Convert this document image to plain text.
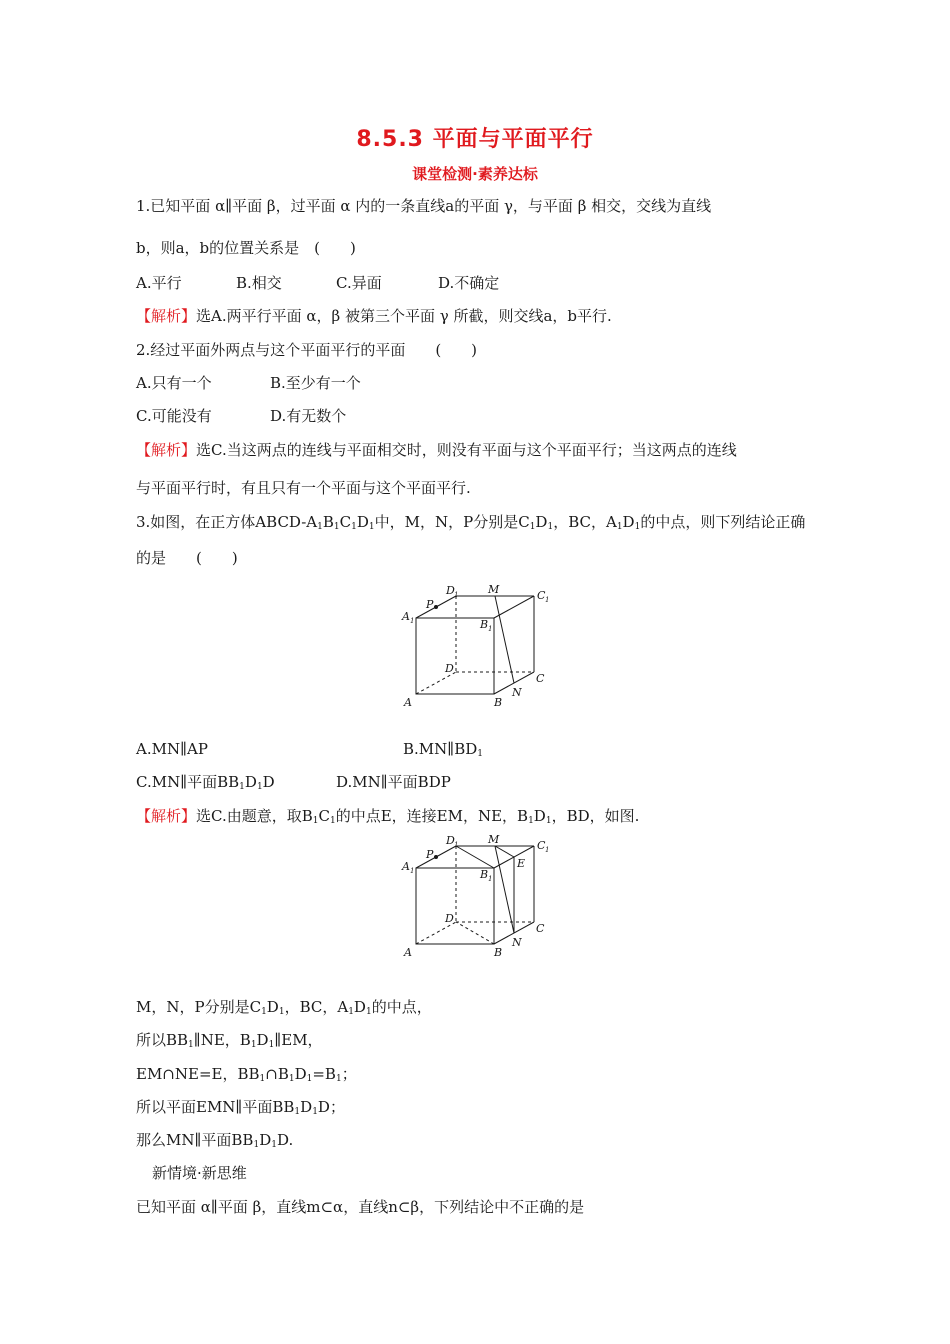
8.5.3 平面与平面平行
课堂检测·素养达标
1.已知平面 α∥平面 β，过平面 α 内的一条直线a的平面 γ，与平面 β 相交，交线为直线
b，则a，b的位置关系是　(　　)
A.平行	B.相交	C.异面	D.不确定
【解析】选A.两平行平面 α，β 被第三个平面 γ 所截，则交线a，b平行.
2.经过平面外两点与这个平面平行的平面　　(　　)
A.只有一个	B.至少有一个
C.可能没有	D.有无数个
【解析】选C.当这两点的连线与平面相交时，则没有平面与这个平面平行；当这两点的连线
与平面平行时，有且只有一个平面与这个平面平行.
3.如图，在正方体ABCD-$A_1B_1C_1D_1$中，M，N，P分别是$C_1D_1$，BC，$A_1D_1$的中点，则下列结论正确
的是　　(　　)
A	B
C
D
A 1	B 1
C 1
D 1	M
N
P
A.MN∥AP	$B.MN\parallel BD_1$
C.MN∥平面$BB_1D_1D$	D.MN∥平面BDP
【解析】选C.由题意，取$B_1C_1$的中点E，连接EM，NE，$B_1D_1$，BD，如图.
A	B
C
D
A 1	B 1
C 1
D 1	M
N
P
E
M，N，P分别是$C_1D_1$，BC，$A_1D_1$的中点，
所以$BB_1\parallel NE$，$B_1D_1\parallel EM$，
EM∩NE=E，$BB_1\cap B_1D_1=B_1$；
所以平面EMN∥平面$BB_1D_1D$；
那么MN∥平面$BB_1D_1D$.
新情境·新思维
已知平面 α∥平面 β，直线m⊂α，直线n⊂β，下列结论中不正确的是
